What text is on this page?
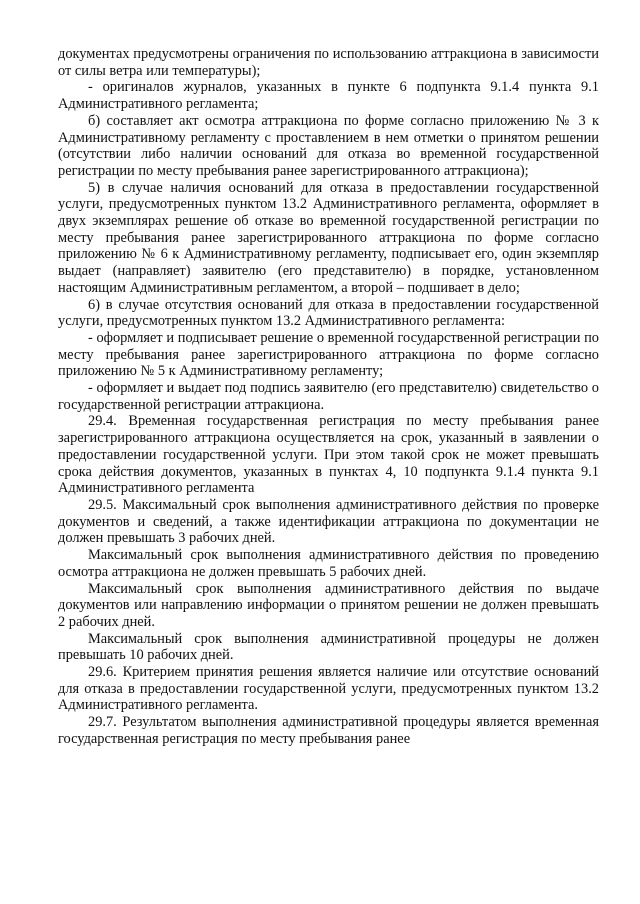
документах предусмотрены ограничения по использованию аттракциона в зависимости от силы ветра или температуры);

- оригиналов журналов, указанных в пункте 6 подпункта 9.1.4 пункта 9.1 Административного регламента;

б) составляет акт осмотра аттракциона по форме согласно приложению № 3 к Административному регламенту с проставлением в нем отметки о принятом решении (отсутствии либо наличии оснований для отказа во временной государственной регистрации по месту пребывания ранее зарегистрированного аттракциона);

5) в случае наличия оснований для отказа в предоставлении государственной услуги, предусмотренных пунктом 13.2 Административного регламента, оформляет в двух экземплярах решение об отказе во временной государственной регистрации по месту пребывания ранее зарегистрированного аттракциона по форме согласно приложению № 6 к Административному регламенту, подписывает его, один экземпляр выдает (направляет) заявителю (его представителю) в порядке, установленном настоящим Административным регламентом, а второй – подшивает в дело;

6) в случае отсутствия оснований для отказа в предоставлении государственной услуги, предусмотренных пунктом 13.2 Административного регламента:

- оформляет и подписывает решение о временной государственной регистрации по месту пребывания ранее зарегистрированного аттракциона по форме согласно приложению № 5 к Административному регламенту;

- оформляет и выдает под подпись заявителю (его представителю) свидетельство о государственной регистрации аттракциона.

29.4. Временная государственная регистрация по месту пребывания ранее зарегистрированного аттракциона осуществляется на срок, указанный в заявлении о предоставлении государственной услуги. При этом такой срок не может превышать срока действия документов, указанных в пунктах 4, 10 подпункта 9.1.4 пункта 9.1 Административного регламента

29.5. Максимальный срок выполнения административного действия по проверке документов и сведений, а также идентификации аттракциона по документации не должен превышать 3 рабочих дней.

Максимальный срок выполнения административного действия по проведению осмотра аттракциона не должен превышать 5 рабочих дней.

Максимальный срок выполнения административного действия по выдаче документов или направлению информации о принятом решении не должен превышать 2 рабочих дней.

Максимальный срок выполнения административной процедуры не должен превышать 10 рабочих дней.

29.6. Критерием принятия решения является наличие или отсутствие оснований для отказа в предоставлении государственной услуги, предусмотренных пунктом 13.2 Административного регламента.

29.7. Результатом выполнения административной процедуры является временная государственная регистрация по месту пребывания ранее
